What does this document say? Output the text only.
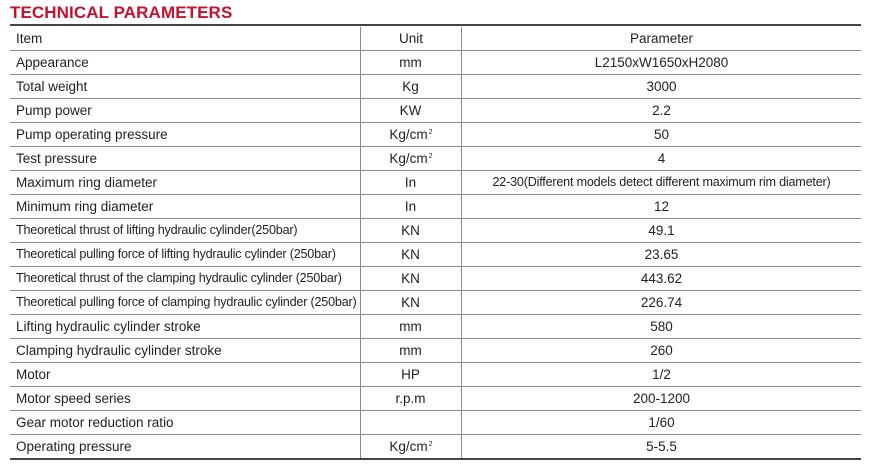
TECHNICAL PARAMETERS
Item	Unit	Parameter
Appearance	mm	L2150xW1650xH2080
Total weight	Kg	3000
Pump power	KW	2.2
Pump operating pressure	$Kg/cm^2$	50
Test pressure	$Kg/cm^2$	4
Maximum ring diameter	In	22-30(Different models detect different maximum rim diameter)
Minimum ring diameter	In	12
Theoretical thrust of lifting hydraulic cylinder(250bar)	KN	49.1
Theoretical pulling force of lifting hydraulic cylinder (250bar)	KN	23.65
Theoretical thrust of the clamping hydraulic cylinder (250bar)	KN	443.62
Theoretical pulling force of clamping hydraulic cylinder (250bar)	KN	226.74
Lifting hydraulic cylinder stroke	mm	580
Clamping hydraulic cylinder stroke	mm	260
Motor	HP	1/2
Motor speed series	r.p.m	200-1200
Gear motor reduction ratio		1/60
Operating pressure	$Kg/cm^2$	5-5.5
